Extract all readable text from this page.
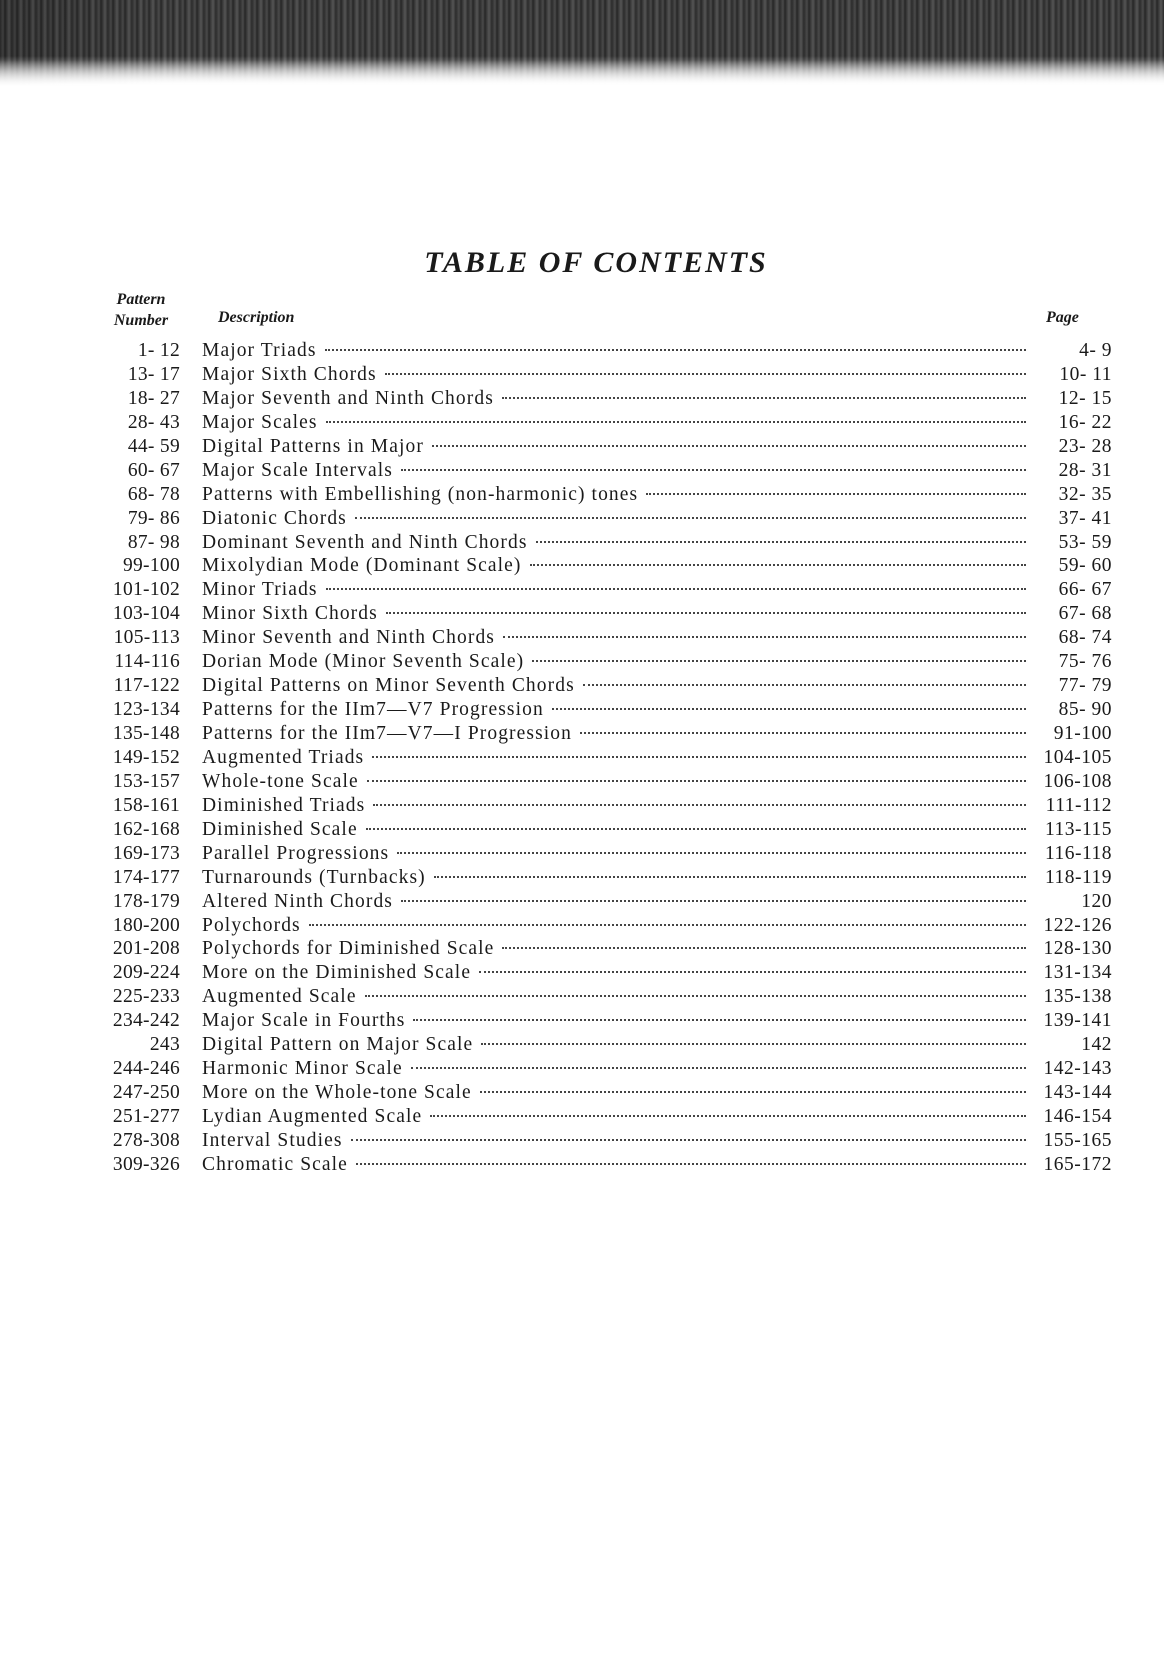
TABLE OF CONTENTS
Pattern
Number	Description	Page
1- 12 Major Triads	4- 9
13- 17 Major Sixth Chords	10- 11
18- 27 Major Seventh and Ninth Chords	12- 15
28- 43 Major Scales	16- 22
44- 59 Digital Patterns in Major	23- 28
60- 67 Major Scale Intervals	28- 31
68- 78 Patterns with Embellishing (non-harmonic) tones	32- 35
79- 86 Diatonic Chords	37- 41
87- 98 Dominant Seventh and Ninth Chords	53- 59
99-100 Mixolydian Mode (Dominant Scale)	59- 60
101-102 Minor Triads	66- 67
103-104 Minor Sixth Chords	67- 68
105-113 Minor Seventh and Ninth Chords	68- 74
114-116 Dorian Mode (Minor Seventh Scale)	75- 76
117-122 Digital Patterns on Minor Seventh Chords	77- 79
123-134 Patterns for the IIm7—V7 Progression	85- 90
135-148 Patterns for the IIm7—V7—I Progression	91-100
149-152 Augmented Triads	104-105
153-157 Whole-tone Scale	106-108
158-161 Diminished Triads	111-112
162-168 Diminished Scale	113-115
169-173 Parallel Progressions	116-118
174-177 Turnarounds (Turnbacks)	118-119
178-179 Altered Ninth Chords	120
180-200 Polychords	122-126
201-208 Polychords for Diminished Scale	128-130
209-224 More on the Diminished Scale	131-134
225-233 Augmented Scale	135-138
234-242 Major Scale in Fourths	139-141
243 Digital Pattern on Major Scale	142
244-246 Harmonic Minor Scale	142-143
247-250 More on the Whole-tone Scale	143-144
251-277 Lydian Augmented Scale	146-154
278-308 Interval Studies	155-165
309-326 Chromatic Scale	165-172
